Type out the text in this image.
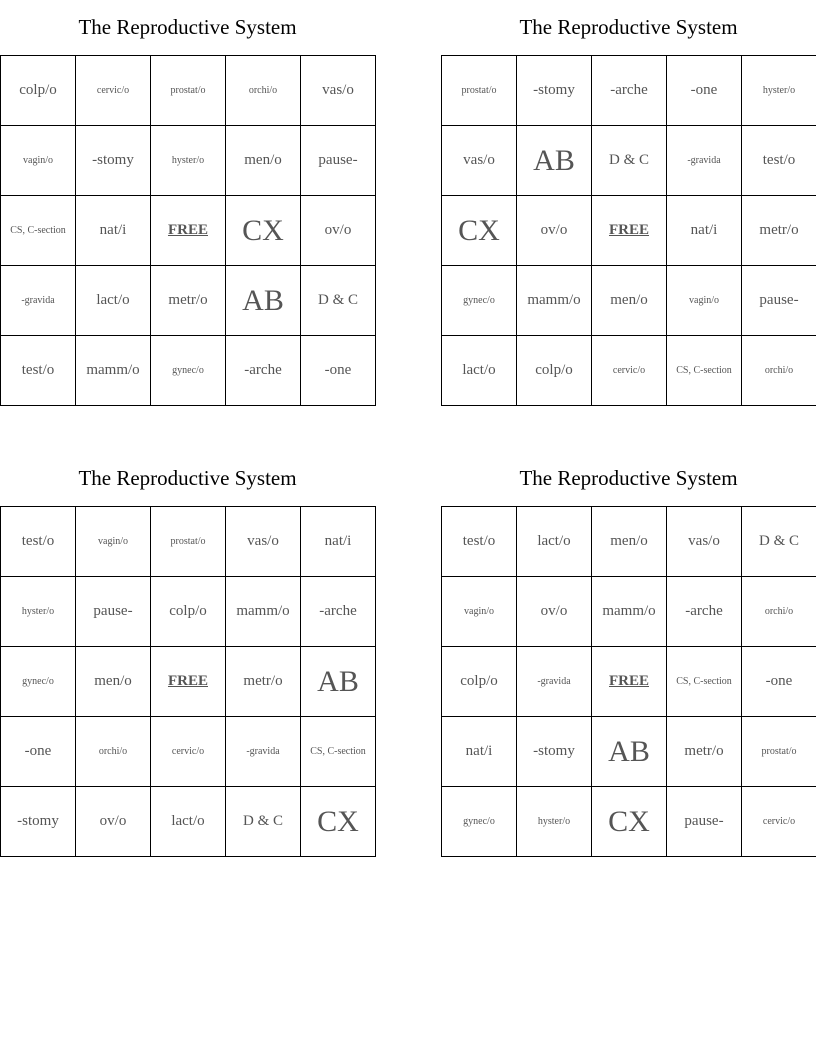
The Reproductive System
colp/o	cervic/o	prostat/o	orchi/o	vas/o
vagin/o	-stomy	hyster/o	men/o	pause-
CS, C-section	nat/i	FREE	CX	ov/o
-gravida	lact/o	metr/o	AB	D & C
test/o	mamm/o	gynec/o	-arche	-one
The Reproductive System
prostat/o	-stomy	-arche	-one	hyster/o
vas/o	AB	D & C	-gravida	test/o
CX	ov/o	FREE	nat/i	metr/o
gynec/o	mamm/o	men/o	vagin/o	pause-
lact/o	colp/o	cervic/o	CS, C-section	orchi/o
The Reproductive System
test/o	vagin/o	prostat/o	vas/o	nat/i
hyster/o	pause-	colp/o	mamm/o	-arche
gynec/o	men/o	FREE	metr/o	AB
-one	orchi/o	cervic/o	-gravida	CS, C-section
-stomy	ov/o	lact/o	D & C	CX
The Reproductive System
test/o	lact/o	men/o	vas/o	D & C
vagin/o	ov/o	mamm/o	-arche	orchi/o
colp/o	-gravida	FREE	CS, C-section	-one
nat/i	-stomy	AB	metr/o	prostat/o
gynec/o	hyster/o	CX	pause-	cervic/o
